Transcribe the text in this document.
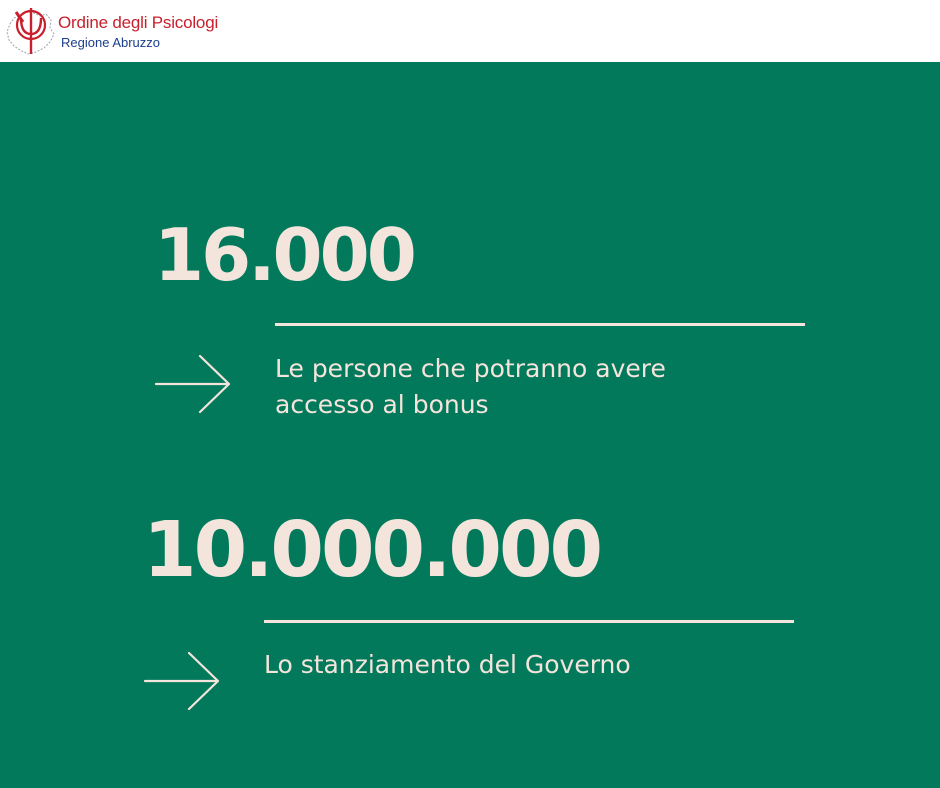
Ordine degli Psicologi
Regione Abruzzo
16.000
Le persone che potranno avere
accesso al bonus
10.000.000
Lo stanziamento del Governo
